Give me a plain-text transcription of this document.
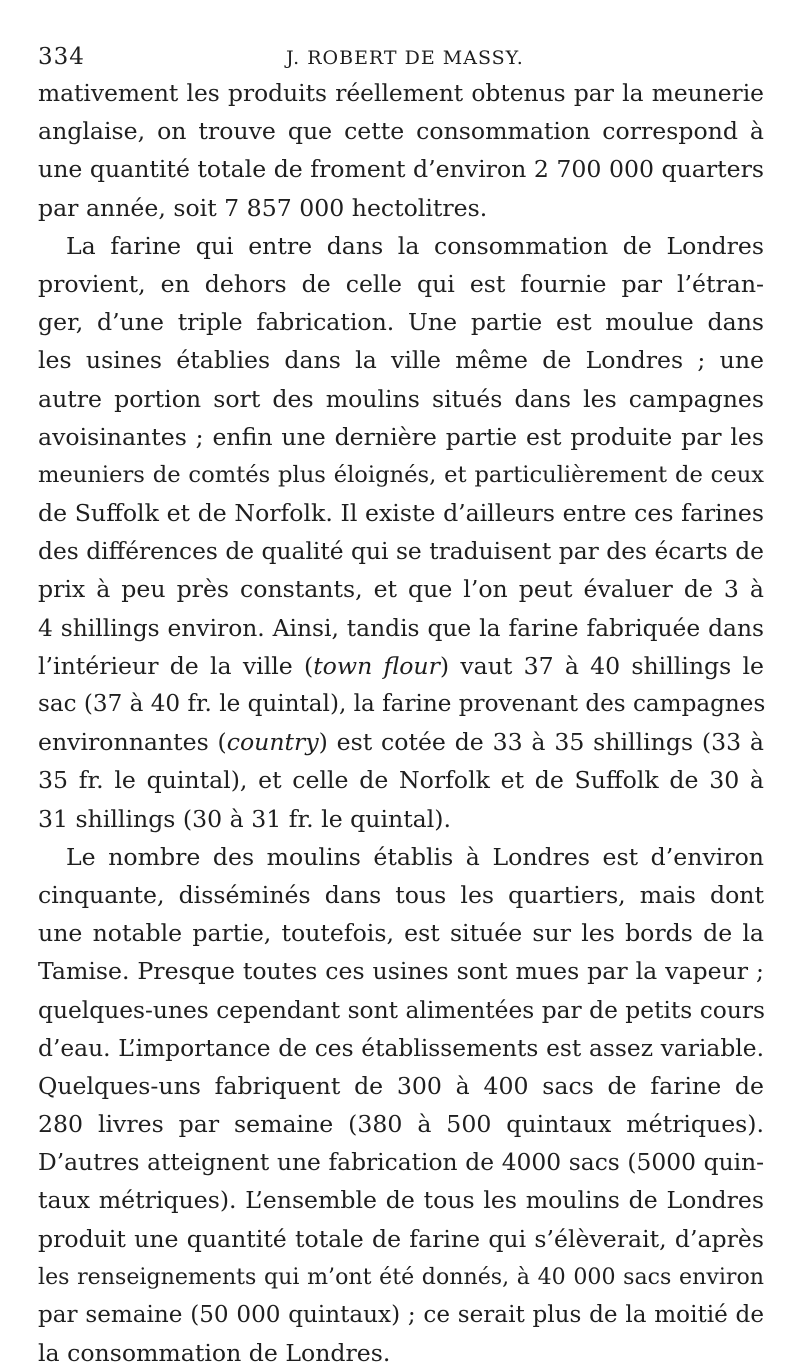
334	J. ROBERT DE MASSY.
mativement les produits réellement obtenus par la meunerie
anglaise, on trouve que cette consommation correspond à
une quantité totale de froment d’environ 2 700 000 quarters
par année, soit 7 857 000 hectolitres.
La farine qui entre dans la consommation de Londres
provient, en dehors de celle qui est fournie par l’étran-
ger, d’une triple fabrication. Une partie est moulue dans
les usines établies dans la ville même de Londres ; une
autre portion sort des moulins situés dans les campagnes
avoisinantes ; enfin une dernière partie est produite par les
meuniers de comtés plus éloignés, et particulièrement de ceux
de Suffolk et de Norfolk. Il existe d’ailleurs entre ces farines
des différences de qualité qui se traduisent par des écarts de
prix à peu près constants, et que l’on peut évaluer de 3 à
4 shillings environ. Ainsi, tandis que la farine fabriquée dans
l’intérieur de la ville (town flour) vaut 37 à 40 shillings le
sac (37 à 40 fr. le quintal), la farine provenant des campagnes
environnantes (country) est cotée de 33 à 35 shillings (33 à
35 fr. le quintal), et celle de Norfolk et de Suffolk de 30 à
31 shillings (30 à 31 fr. le quintal).
Le nombre des moulins établis à Londres est d’environ
cinquante, disséminés dans tous les quartiers, mais dont
une notable partie, toutefois, est située sur les bords de la
Tamise. Presque toutes ces usines sont mues par la vapeur ;
quelques-unes cependant sont alimentées par de petits cours
d’eau. L’importance de ces établissements est assez variable.
Quelques-uns fabriquent de 300 à 400 sacs de farine de
280 livres par semaine (380 à 500 quintaux métriques).
D’autres atteignent une fabrication de 4000 sacs (5000 quin-
taux métriques). L’ensemble de tous les moulins de Londres
produit une quantité totale de farine qui s’élèverait, d’après
les renseignements qui m’ont été donnés, à 40 000 sacs environ
par semaine (50 000 quintaux) ; ce serait plus de la moitié de
la consommation de Londres.
